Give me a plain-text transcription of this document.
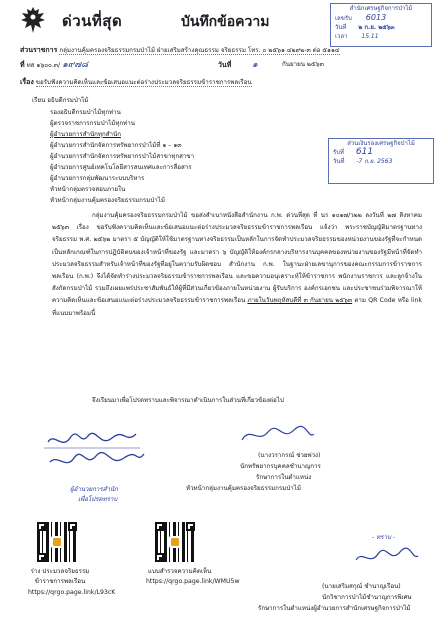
ด่วนที่สุด	บันทึกข้อความ
สำนักเศรษฐกิจการป่าไม้
เลขรับ 6013
วันที่ ๒ ก.ย. ๒๕๖๓
เวลา 15.11
ส่วนราชการ กลุ่มงานคุ้มครองจริยธรรมกรมป่าไม้ ฝ่ายเสริมสร้างคุณธรรม จริยธรรม โทร. ๐ ๒๕๖๑ ๔๒๙๒-๓ ต่อ ๕๑๑๔
ที่ ทส ๑๖๐๐.๓/ ๑๙๗๘	วันที่ ๑	กันยายน ๒๕๖๓
เรื่อง ขอรับฟังความคิดเห็นและข้อเสนอแนะต่อร่างประมวลจริยธรรมข้าราชการพลเรือน
เรียน อธิบดีกรมป่าไม้
รองอธิบดีกรมป่าไม้ทุกท่าน
ผู้ตรวจราชการกรมป่าไม้ทุกท่าน
ผู้อำนวยการสำนักทุกสำนัก
ผู้อำนวยการสำนักจัดการทรัพยากรป่าไม้ที่ ๑ – ๑๓
ผู้อำนวยการสำนักจัดการทรัพยากรป่าไม้สาขาทุกสาขา
ผู้อำนวยการศูนย์เทคโนโลยีสารสนเทศและการสื่อสาร
ผู้อำนวยการกลุ่มพัฒนาระบบบริหาร
หัวหน้ากลุ่มตรวจสอบภายใน
หัวหน้ากลุ่มงานคุ้มครองจริยธรรมกรมป่าไม้
ส่วนเงินรองเศรษฐกิจป่าไม้
รับที่ 611
วันที่ -7 ก.ย. 2563
กลุ่มงานคุ้มครองจริยธรรมกรมป่าไม้ ขอส่งสำเนาหนังสือสำนักงาน ก.พ. ด่วนที่สุด ที่ นร ๑๐๑๗/ว๒๒ ลงวันที่ ๒๗ สิงหาคม ๒๕๖๓ เรื่อง ขอรับฟังความคิดเห็นและข้อเสนอแนะต่อร่างประมวลจริยธรรมข้าราชการพลเรือน แจ้งว่า พระราชบัญญัติมาตรฐานทางจริยธรรม พ.ศ. ๒๕๖๒ มาตรา ๕ บัญญัติให้ใช้มาตรฐานทางจริยธรรมเป็นหลักในการจัดทำประมวลจริยธรรมของหน่วยงานของรัฐที่จะกำหนดเป็นหลักเกณฑ์ในการปฏิบัติตนของเจ้าหน้าที่ของรัฐ และมาตรา ๖ บัญญัติให้องค์กรกลางบริหารงานบุคคลของหน่วยงานของรัฐมีหน้าที่จัดทำประมวลจริยธรรมสำหรับเจ้าหน้าที่ของรัฐที่อยู่ในความรับผิดชอบ สำนักงาน ก.พ. ในฐานะฝ่ายเลขานุการของคณะกรรมการข้าราชการพลเรือน (ก.พ.) จึงได้จัดทำร่างประมวลจริยธรรมข้าราชการพลเรือน และขอความอนุเคราะห์ให้ข้าราชการ พนักงานราชการ และลูกจ้างในสังกัดกรมป่าไม้ รวมถึงเผยแพร่ประชาสัมพันธ์ให้ผู้ที่มีส่วนเกี่ยวข้องภายในหน่วยงาน ผู้รับบริการ องค์กรเอกชน และประชาชนร่วมพิจารณาให้ความคิดเห็นและข้อเสนอแนะต่อร่างประมวลจริยธรรมข้าราชการพลเรือน ภายในวันพฤหัสบดีที่ ๓ กันยายน ๒๕๖๓ ตาม QR Code หรือ link ที่แนบมาพร้อมนี้
จึงเรียนมาเพื่อโปรดทราบและพิจารณาดำเนินการในส่วนที่เกี่ยวข้องต่อไป
(นางวรากรณ์ ช่วยพ่วง)
นักทรัพยากรบุคคลชำนาญการ
รักษาการในตำแหน่ง
หัวหน้ากลุ่มงานคุ้มครองจริยธรรมกรมป่าไม้
ผู้อำนวยการสำนัก
เพื่อโปรดทราบ
ร่าง ประมวลจริยธรรม
ข้าราชการพลเรือน
https://qrgo.page.link/L93cK
แบบสำรวจความคิดเห็น
https://qrgo.page.link/WMU5w
- ทราบ -
(นายเสริมสกุณ์ ชำนาญเรือน)
นักวิชาการป่าไม้ชำนาญการพิเศษ
รักษาการในตำแหน่งผู้อำนวยการสำนักเศรษฐกิจการป่าไม้
